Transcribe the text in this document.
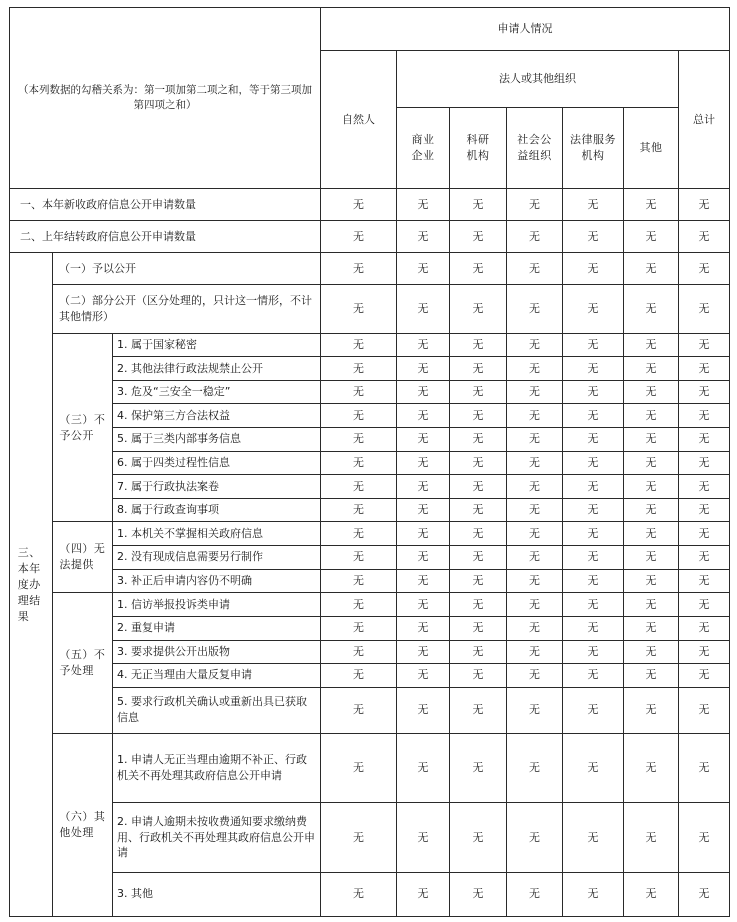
（本列数据的勾稽关系为：第一项加第二项之和，等于第三项加第四项之和）			申请人情况						
			自然人	法人或其他组织					总计
				商业企业	科研机构	社会公益组织	法律服务机构	其他	
一、本年新收政府信息公开申请数量			无	无	无	无	无	无	无
二、上年结转政府信息公开申请数量			无	无	无	无	无	无	无
三、本年度办理结果	（一）予以公开		无	无	无	无	无	无	无
	（二）部分公开（区分处理的，只计这一情形，不计其他情形）		无	无	无	无	无	无	无
	（三）不予公开	1. 属于国家秘密	无	无	无	无	无	无	无
		2. 其他法律行政法规禁止公开	无	无	无	无	无	无	无
		3. 危及“三安全一稳定”	无	无	无	无	无	无	无
		4. 保护第三方合法权益	无	无	无	无	无	无	无
		5. 属于三类内部事务信息	无	无	无	无	无	无	无
		6. 属于四类过程性信息	无	无	无	无	无	无	无
		7. 属于行政执法案卷	无	无	无	无	无	无	无
		8. 属于行政查询事项	无	无	无	无	无	无	无
	（四）无法提供	1. 本机关不掌握相关政府信息	无	无	无	无	无	无	无
		2. 没有现成信息需要另行制作	无	无	无	无	无	无	无
		3. 补正后申请内容仍不明确	无	无	无	无	无	无	无
	（五）不予处理	1. 信访举报投诉类申请	无	无	无	无	无	无	无
		2. 重复申请	无	无	无	无	无	无	无
		3. 要求提供公开出版物	无	无	无	无	无	无	无
		4. 无正当理由大量反复申请	无	无	无	无	无	无	无
		5. 要求行政机关确认或重新出具已获取信息	无	无	无	无	无	无	无
	（六）其他处理	1. 申请人无正当理由逾期不补正、行政机关不再处理其政府信息公开申请	无	无	无	无	无	无	无
		2. 申请人逾期未按收费通知要求缴纳费用、行政机关不再处理其政府信息公开申请	无	无	无	无	无	无	无
		3. 其他	无	无	无	无	无	无	无
